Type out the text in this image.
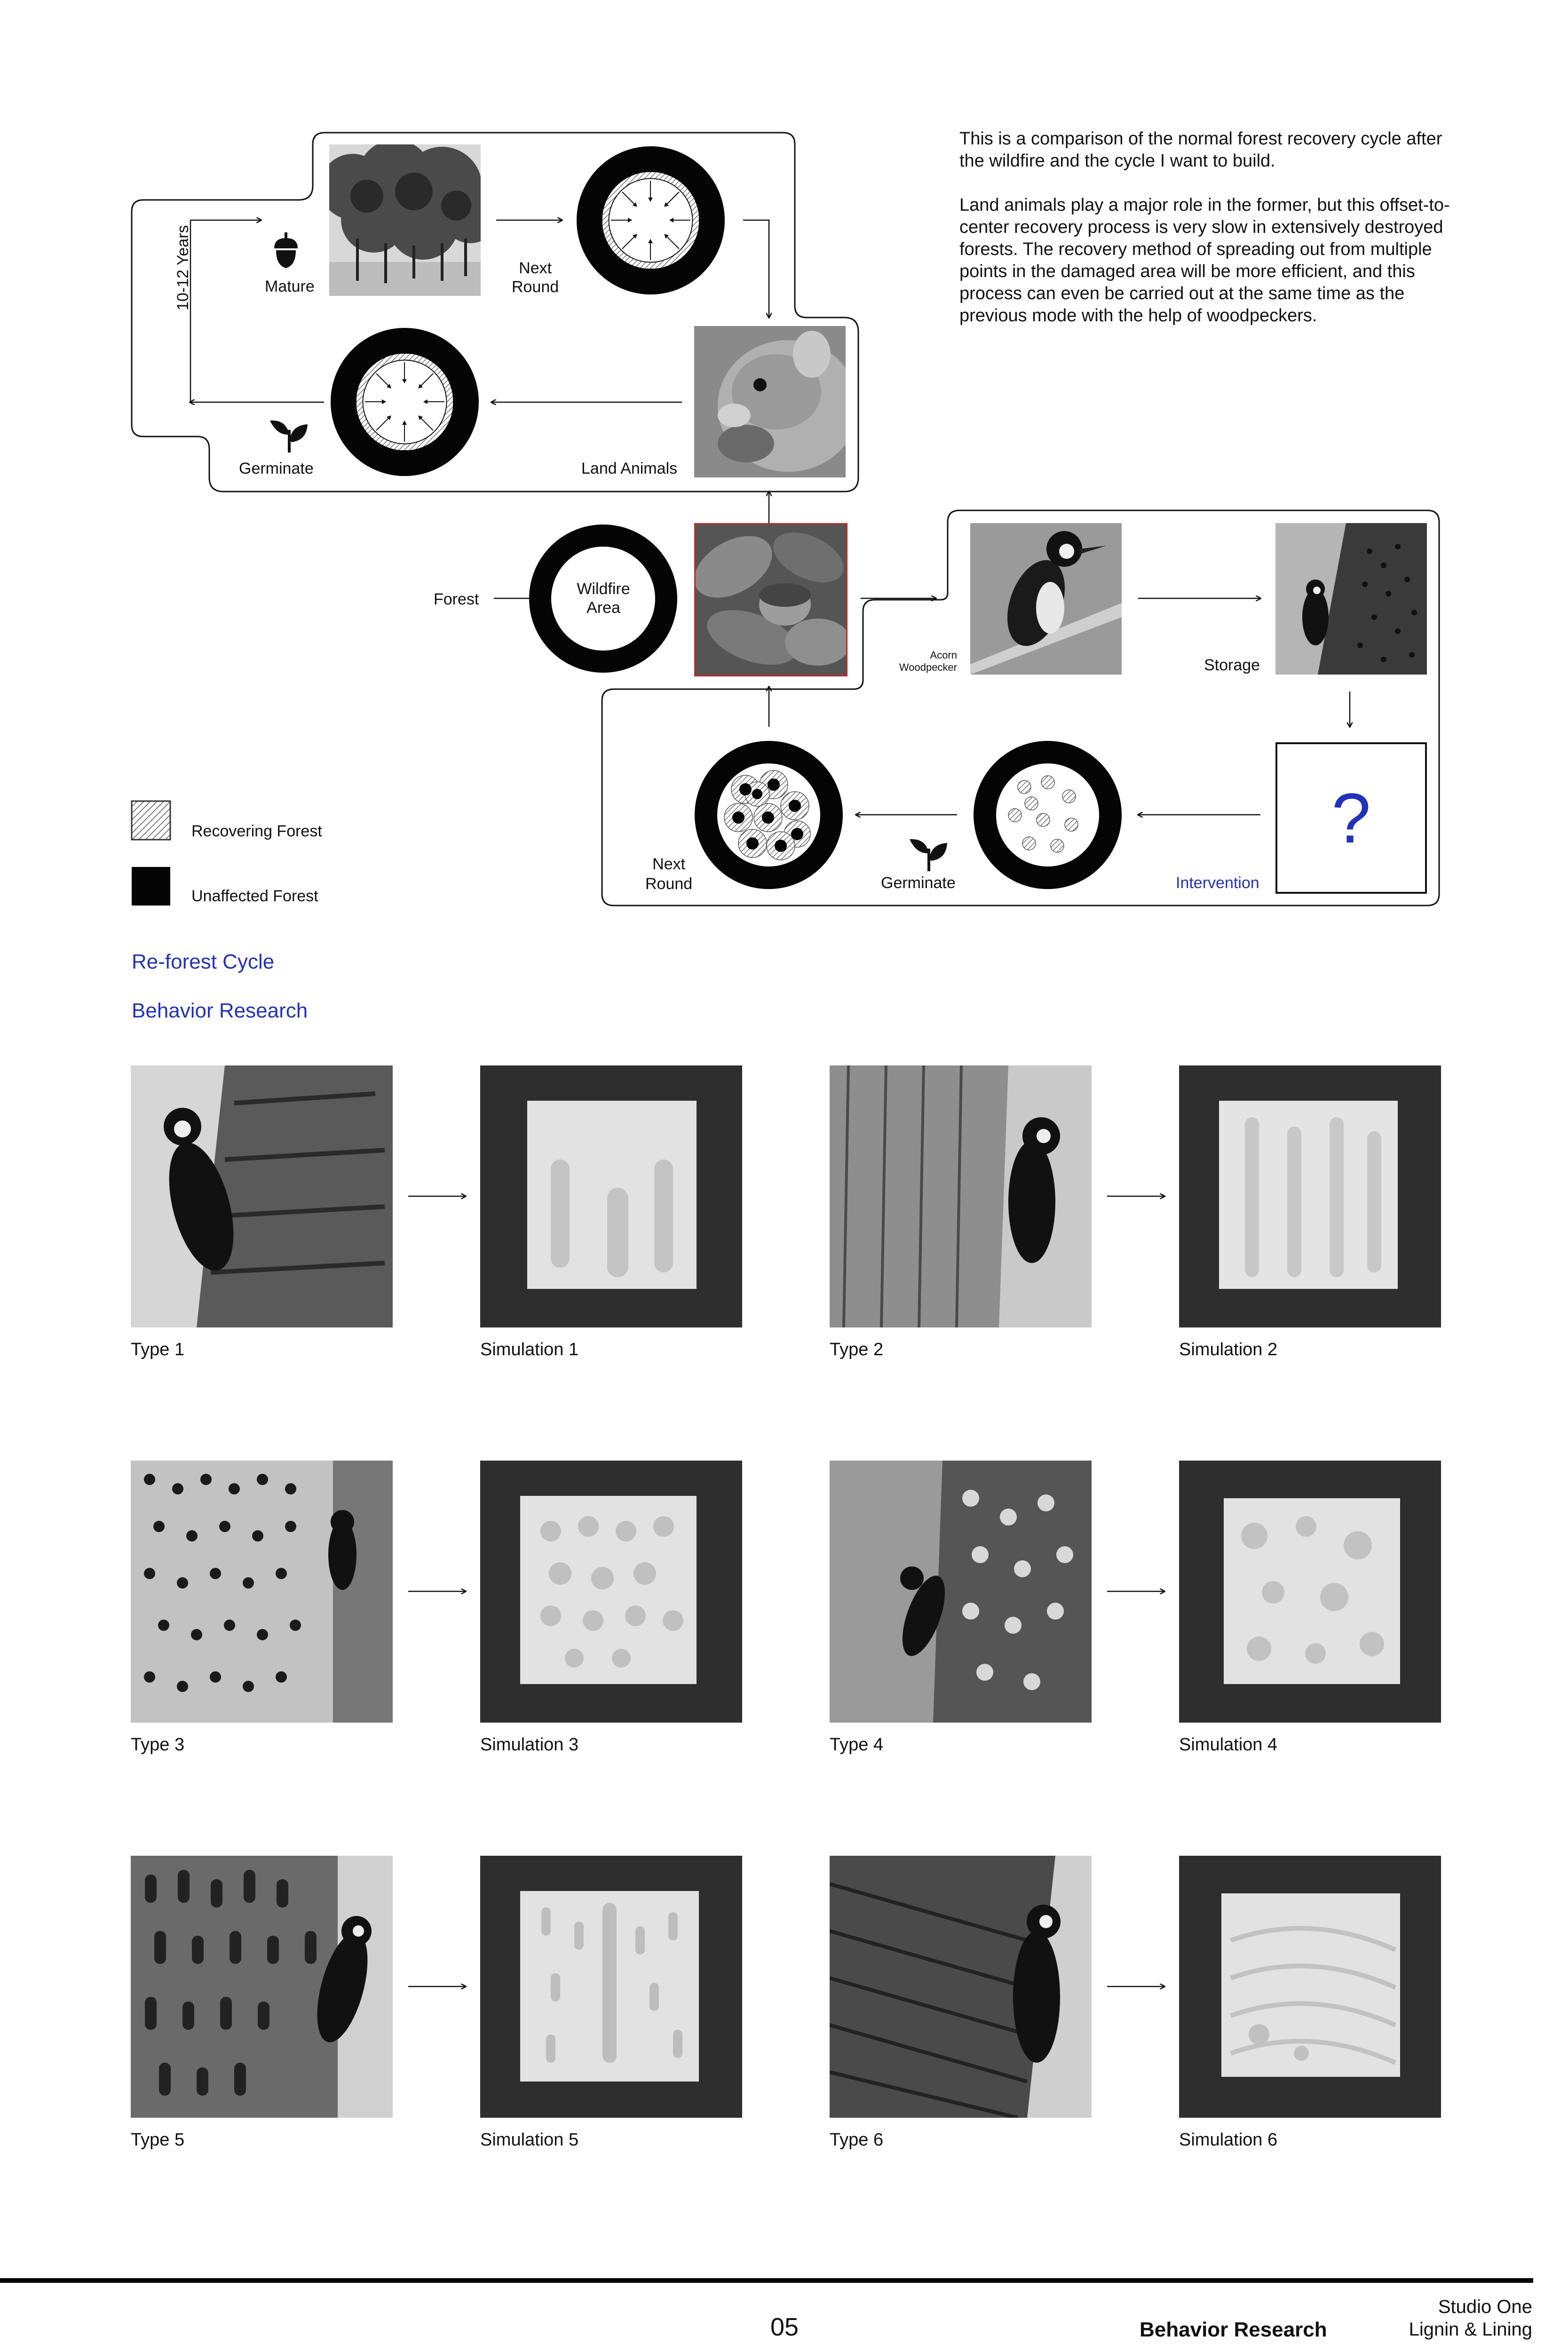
This is a comparison of the normal forest recovery cycle after the wildfire and the cycle I want to build.

Land animals play a major role in the former, but this offset-to-center recovery process is very slow in extensively destroyed forests. The recovery method of spreading out from multiple points in the damaged area will be more efficient, and this process can even be carried out at the same time as the previous mode with the help of woodpeckers.

Mature
Next
Round
Land Animals
Germinate
10-12 Years
Forest
Wildfire
Area
Acorn
Woodpecker	Storage
?
Intervention
Germinate
Next
Round
Recovering Forest
Unaffected Forest
Re-forest Cycle
Behavior Research
Type 1	Simulation 1	Type 2	Simulation 2
Type 3	Simulation 3	Type 4	Simulation 4
Type 5	Simulation 5	Type 6	Simulation 6
05	Behavior Research
Studio One
Lignin & Lining
